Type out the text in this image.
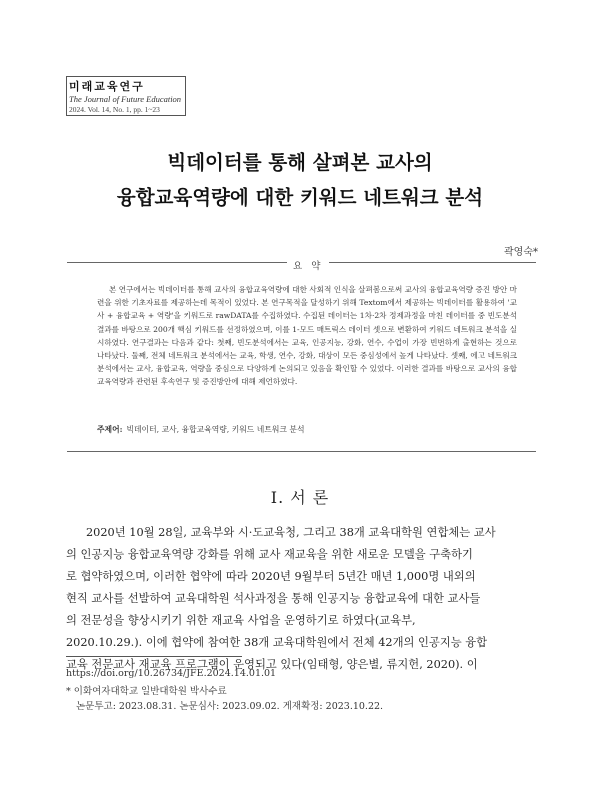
미래교육연구
The Journal of Future Education
2024. Vol. 14, No. 1, pp. 1~23
빅데이터를 통해 살펴본 교사의
융합교육역량에 대한 키워드 네트워크 분석
곽영숙*
요 약

본 연구에서는 빅데이터를 통해 교사의 융합교육역량에 대한 사회적 인식을 살펴봄으로써 교사의 융합교육역량 증진 방안 마련을 위한 기초자료를 제공하는데 목적이 있었다. 본 연구목적을 달성하기 위해 Textom에서 제공하는 빅데이터를 활용하여 '교사 + 융합교육 + 역량'을 키워드로 rawDATA를 수집하였다. 수집된 데이터는 1차·2차 정제과정을 마친 데이터를 중 빈도분석 결과를 바탕으로 200개 핵심 키워드를 선정하였으며, 이를 1-모드 매트릭스 데이터 셋으로 변환하여 키워드 네트워크 분석을 실시하였다. 연구결과는 다음과 같다: 첫째, 빈도분석에서는 교육, 인공지능, 강화, 연수, 수업이 가장 빈번하게 출현하는 것으로 나타났다. 둘째, 전체 네트워크 분석에서는 교육, 학생, 연수, 강화, 대상이 모든 중심성에서 높게 나타났다. 셋째, 에고 네트워크 분석에서는 교사, 융합교육, 역량을 중심으로 다양하게 논의되고 있음을 확인할 수 있었다. 이러한 결과를 바탕으로 교사의 융합교육역량과 관련된 후속연구 및 증진방안에 대해 제언하였다.

주제어: 빅데이터, 교사, 융합교육역량, 키워드 네트워크 분석
Ⅰ. 서 론
2020년 10월 28일, 교육부와 시·도교육청, 그리고 38개 교육대학원 연합체는 교사
의 인공지능 융합교육역량 강화를 위해 교사 재교육을 위한 새로운 모델을 구축하기
로 협약하였으며, 이러한 협약에 따라 2020년 9월부터 5년간 매년 1,000명 내외의
현직 교사를 선발하여 교육대학원 석사과정을 통해 인공지능 융합교육에 대한 교사들
의 전문성을 향상시키기 위한 재교육 사업을 운영하기로 하였다(교육부,
2020.10.29.). 이에 협약에 참여한 38개 교육대학원에서 전체 42개의 인공지능 융합
교육 전문교사 재교육 프로그램이 운영되고 있다(임태형, 양은별, 류지헌, 2020). 이
https://doi.org/10.26734/JFE.2024.14.01.01
* 이화여자대학교 일반대학원 박사수료
논문투고: 2023.08.31. 논문심사: 2023.09.02. 게재확정: 2023.10.22.
